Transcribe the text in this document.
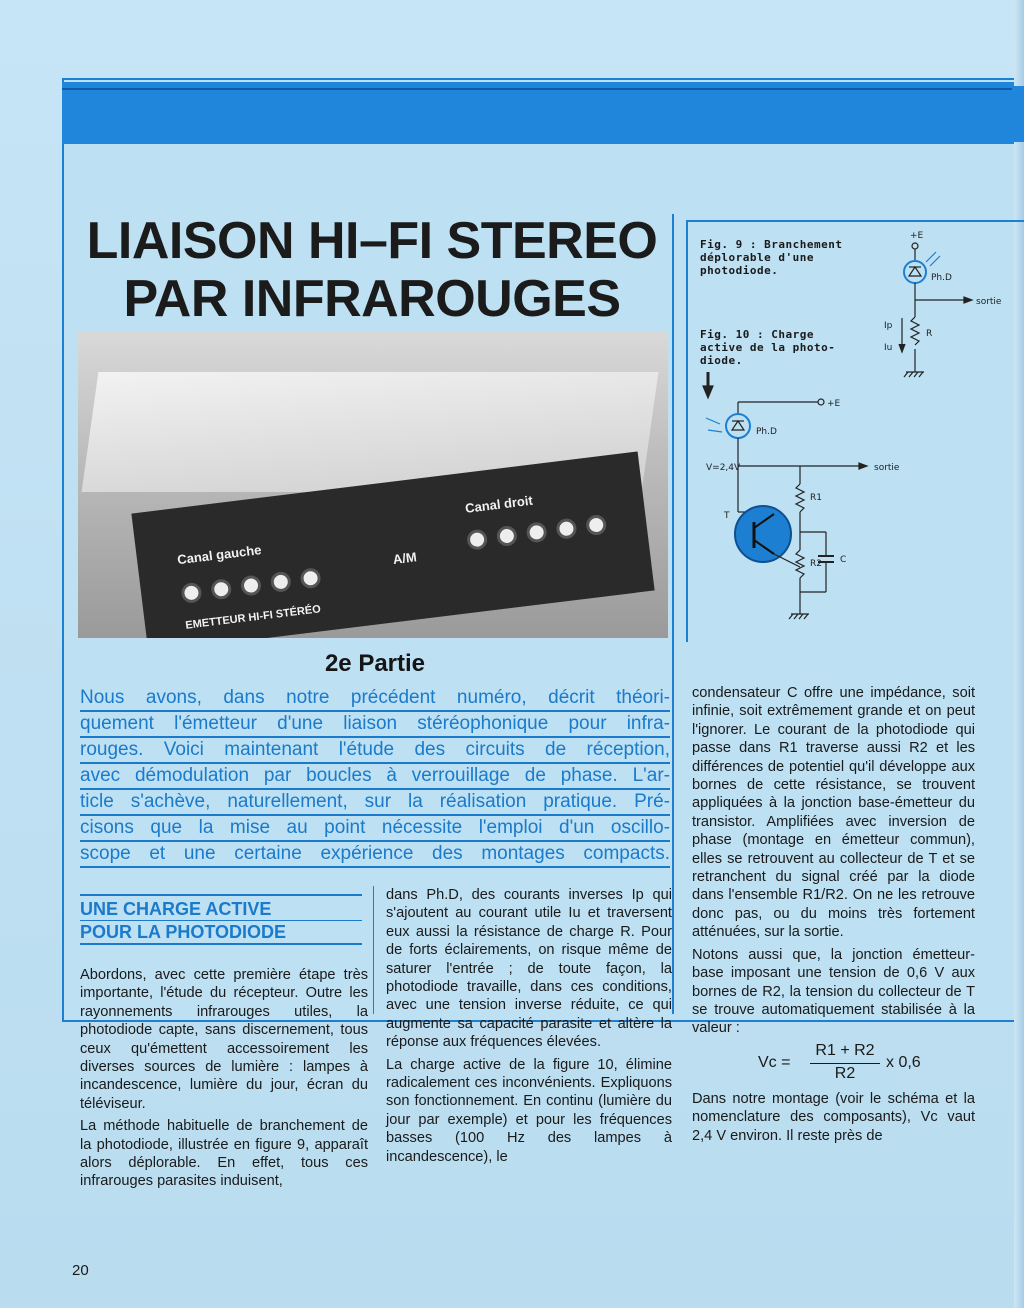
LIAISON HI–FI STEREO
PAR INFRAROUGES
Canal gauche	A/M
Canal droit
EMETTEUR HI-FI STÉRÉO
Fig. 9 : Branchement
déplorable d'une
photodiode.
Fig. 10 : Charge
active de la photo-
diode.
+E
Ph.D
sortie
Ip
Iu
R
+E
Ph.D
V=2,4V	sortie
R1
R2 C
T
2e Partie
Nous avons, dans notre précédent numéro, décrit théori-
quement l'émetteur d'une liaison stéréophonique pour infra-
rouges. Voici maintenant l'étude des circuits de réception,
avec démodulation par boucles à verrouillage de phase. L'ar-
ticle s'achève, naturellement, sur la réalisation pratique. Pré-
cisons que la mise au point nécessite l'emploi d'un oscillo-
scope et une certaine expérience des montages compacts.
UNE CHARGE ACTIVE
POUR LA PHOTODIODE

Abordons, avec cette première étape très importante, l'étude du récepteur. Outre les rayonnements infrarouges utiles, la photodiode capte, sans discernement, tous ceux qu'émettent accessoirement les diverses sources de lumière : lampes à incandescence, lumière du jour, écran du téléviseur.

La méthode habituelle de branchement de la photodiode, illustrée en figure 9, apparaît alors déplorable. En effet, tous ces infrarouges parasites induisent,

dans Ph.D, des courants inverses Ip qui s'ajoutent au courant utile Iu et traversent eux aussi la résistance de charge R. Pour de forts éclairements, on risque même de saturer l'entrée ; de toute façon, la photodiode travaille, dans ces conditions, avec une tension inverse réduite, ce qui augmente sa capacité parasite et altère la réponse aux fréquences élevées.

La charge active de la figure 10, élimine radicalement ces inconvénients. Expliquons son fonctionnement. En continu (lumière du jour par exemple) et pour les fréquences basses (100 Hz des lampes à incandescence), le

condensateur C offre une impédance, soit infinie, soit extrêmement grande et on peut l'ignorer. Le courant de la photodiode qui passe dans R1 traverse aussi R2 et les différences de potentiel qu'il développe aux bornes de cette résistance, se trouvent appliquées à la jonction base-émetteur du transistor. Amplifiées avec inversion de phase (montage en émetteur commun), elles se retrouvent au collecteur de T et se retranchent du signal créé par la diode dans l'ensemble R1/R2. On ne les retrouve donc pas, ou du moins très fortement atténuées, sur la sortie.

Notons aussi que, la jonction émetteur-base imposant une tension de 0,6 V aux bornes de R2, la tension du collecteur de T se trouve automatiquement stabilisée à la valeur :

Vc =
R1 + R2
R2
x 0,6

Dans notre montage (voir le schéma et la nomenclature des composants), Vc vaut 2,4 V environ. Il reste près de

20
